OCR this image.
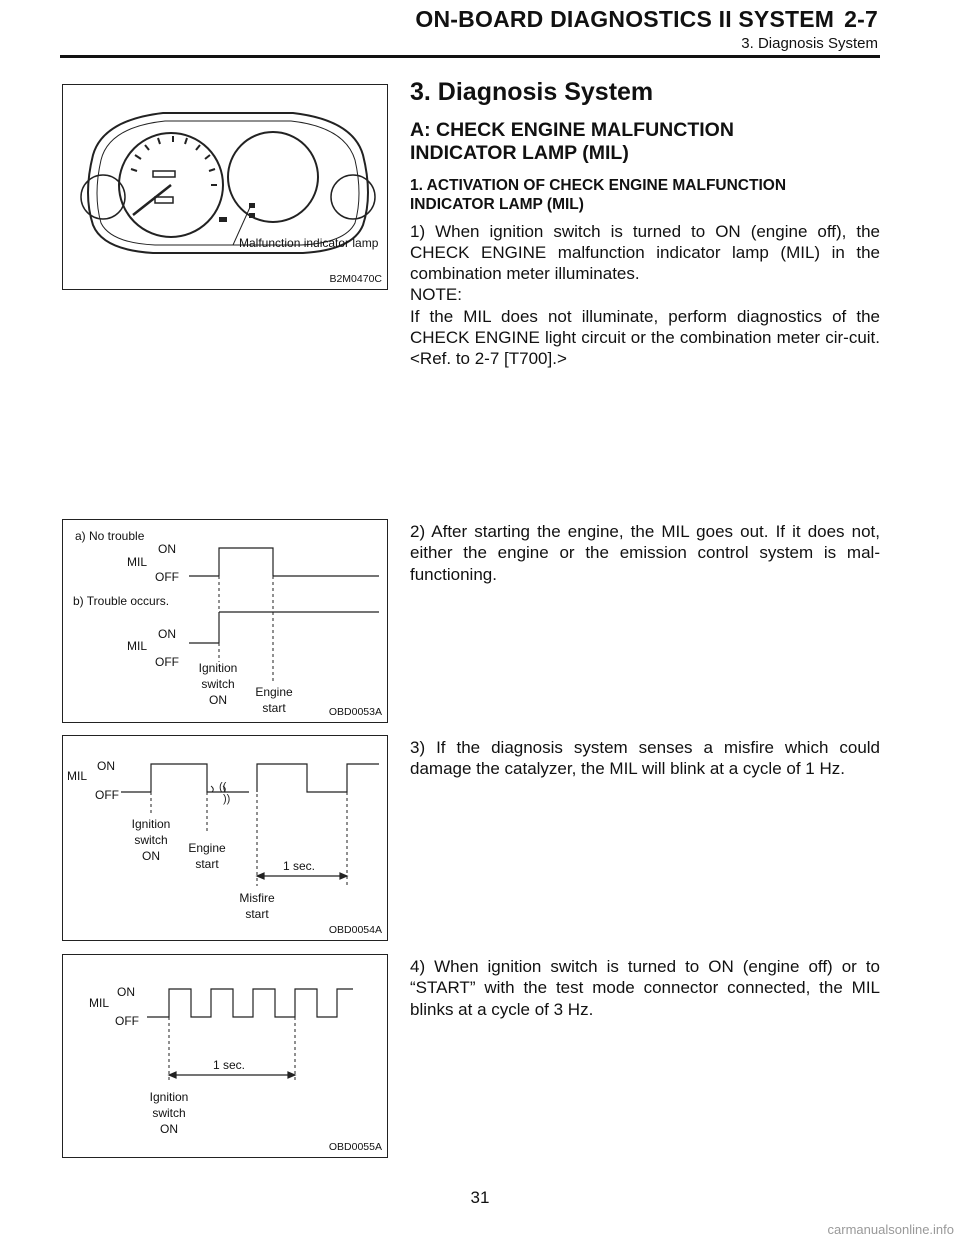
ON-BOARD DIAGNOSTICS II SYSTEM 2-7
3. Diagnosis System
Malfunction indicator lamp
B2M0470C
3. Diagnosis System
A: CHECK ENGINE MALFUNCTION
INDICATOR LAMP (MIL)
1. ACTIVATION OF CHECK ENGINE MALFUNCTION
INDICATOR LAMP (MIL)
1) When ignition switch is turned to ON (engine off), the CHECK ENGINE malfunction indicator lamp (MIL) in the combination meter illuminates.
NOTE:
If the MIL does not illuminate, perform diagnostics of the CHECK ENGINE light circuit or the combination meter cir-cuit. <Ref. to 2-7 [T700].>
a) No trouble
MIL
ON
OFF
b) Trouble occurs.
MIL
ON
OFF	Ignition
switch
ON
Engine
start	OBD0053A
2) After starting the engine, the MIL goes out. If it does not, either the engine or the emission control system is mal-functioning.
((
))
MIL
ON
OFF
Ignition
switch
ON
Engine
start	1 sec.
Misfire
start
OBD0054A
3) If the diagnosis system senses a misfire which could damage the catalyzer, the MIL will blink at a cycle of 1 Hz.
MIL
ON
OFF
1 sec.
Ignition
switch
ON
OBD0055A
4) When ignition switch is turned to ON (engine off) or to “START” with the test mode connector connected, the MIL blinks at a cycle of 3 Hz.
31
carmanualsonline.info
